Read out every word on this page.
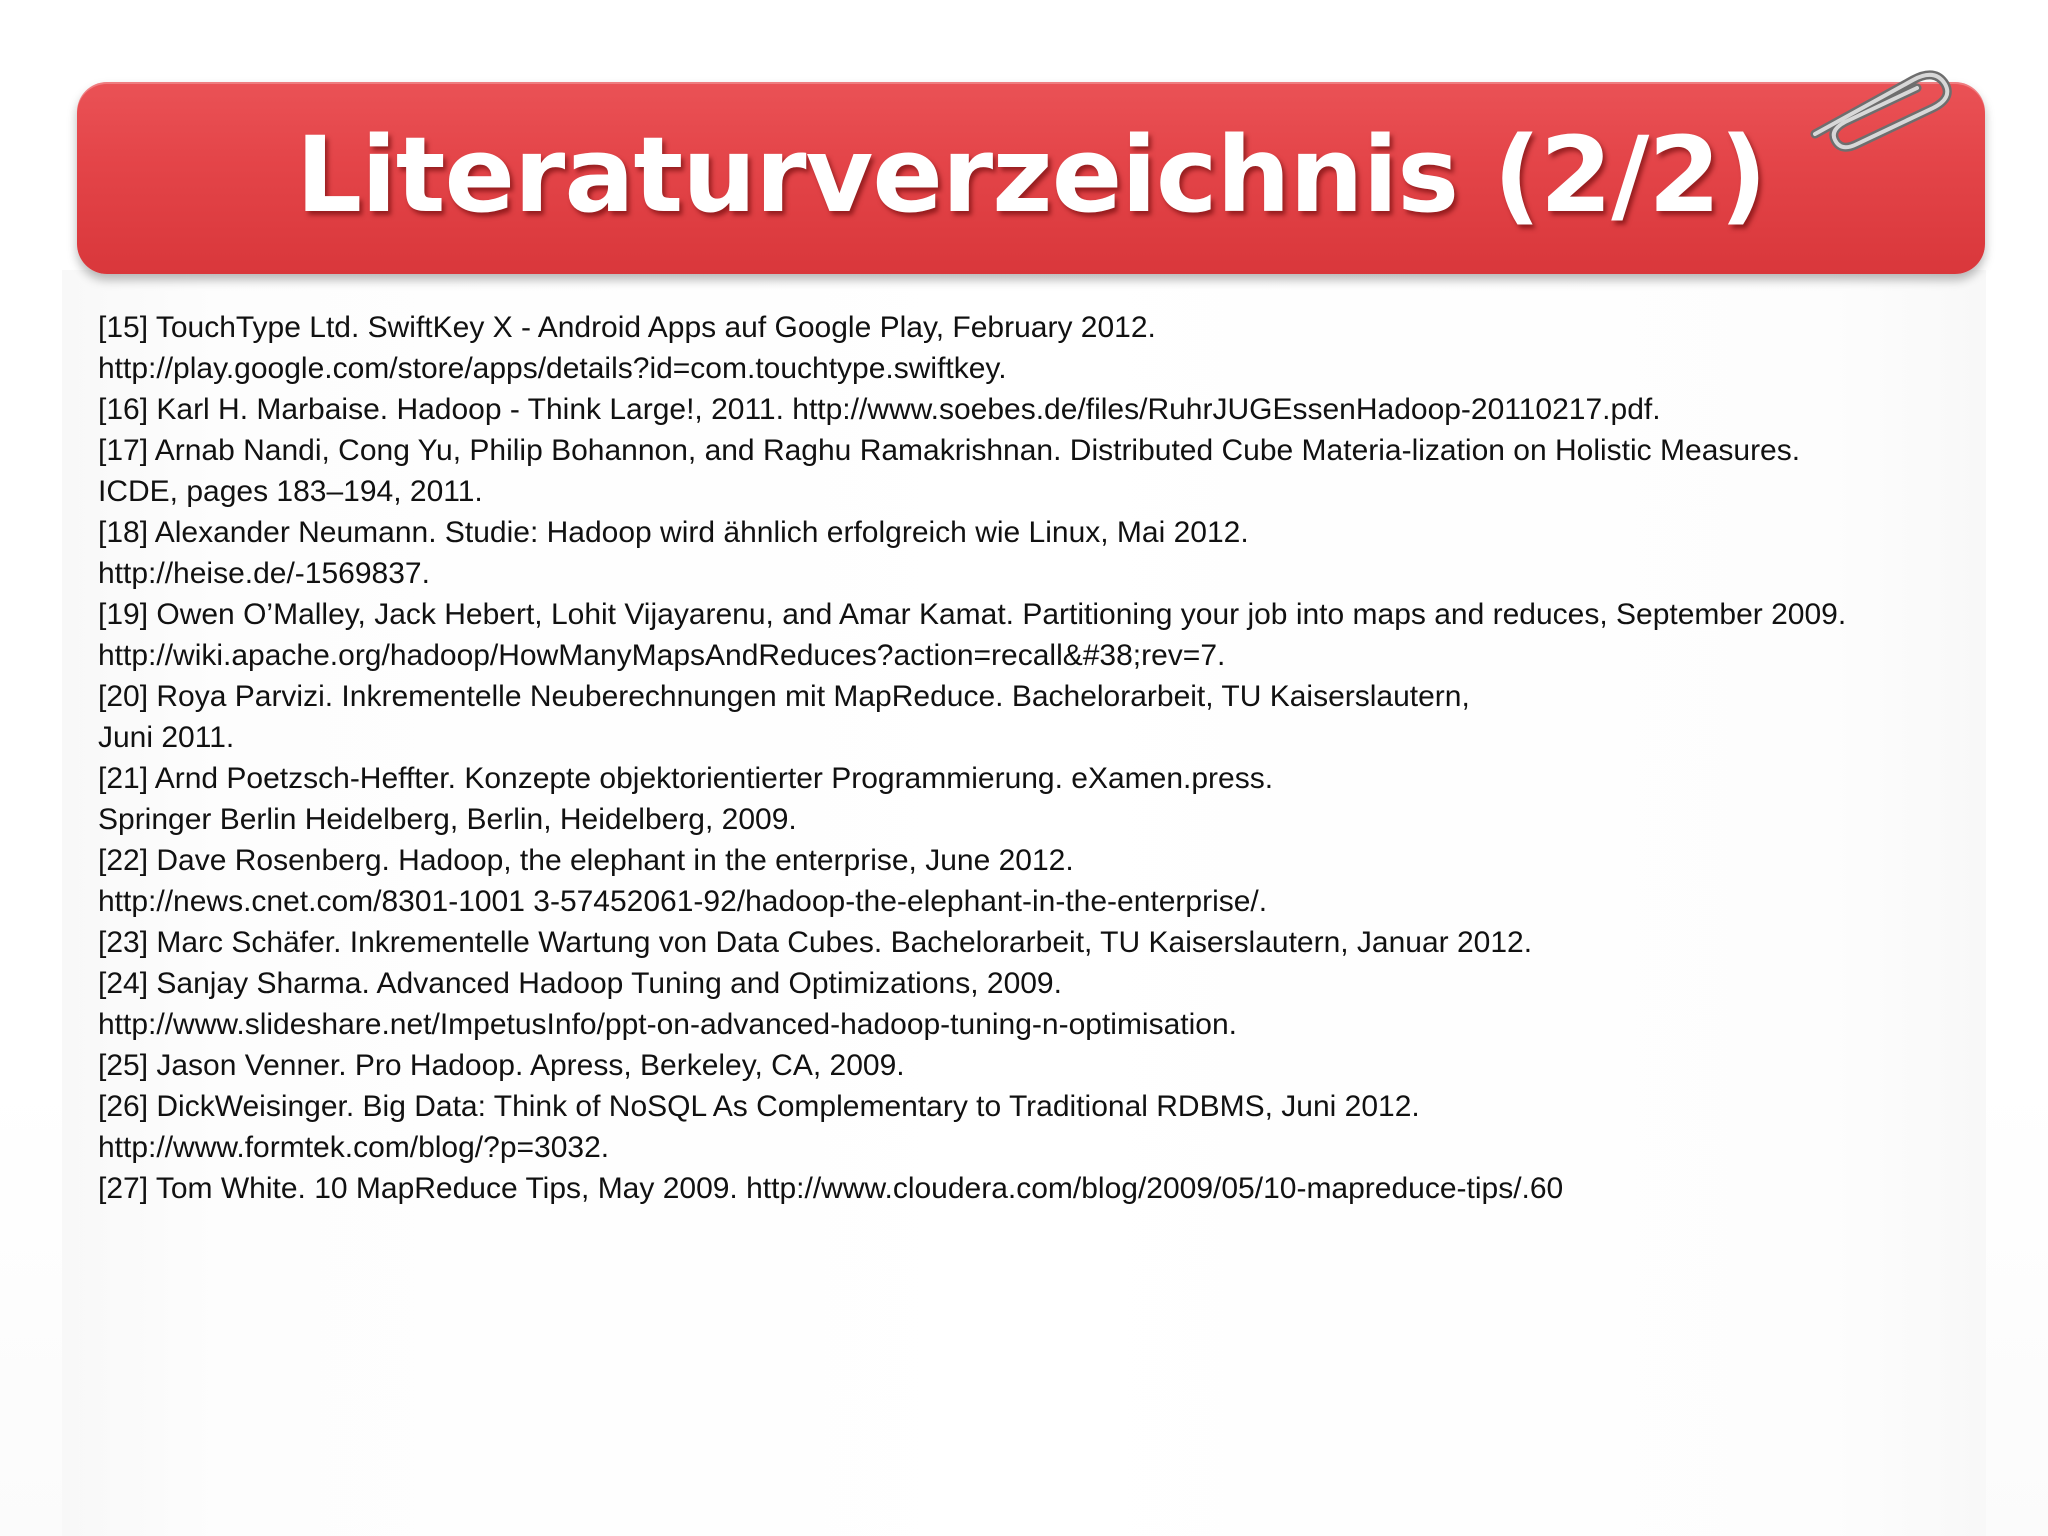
Literaturverzeichnis (2/2)
[15] TouchType Ltd. SwiftKey X - Android Apps auf Google Play, February 2012.
http://play.google.com/store/apps/details?id=com.touchtype.swiftkey.
[16] Karl H. Marbaise. Hadoop - Think Large!, 2011. http://www.soebes.de/files/RuhrJUGEssenHadoop-20110217.pdf.
[17] Arnab Nandi, Cong Yu, Philip Bohannon, and Raghu Ramakrishnan. Distributed Cube Materia-lization on Holistic Measures.
ICDE, pages 183–194, 2011.
[18] Alexander Neumann. Studie: Hadoop wird ähnlich erfolgreich wie Linux, Mai 2012.
http://heise.de/-1569837.
[19] Owen O’Malley, Jack Hebert, Lohit Vijayarenu, and Amar Kamat. Partitioning your job into maps and reduces, September 2009.
http://wiki.apache.org/hadoop/HowManyMapsAndReduces?action=recall&#38;rev=7.
[20] Roya Parvizi. Inkrementelle Neuberechnungen mit MapReduce. Bachelorarbeit, TU Kaiserslautern,
Juni 2011.
[21] Arnd Poetzsch-Heffter. Konzepte objektorientierter Programmierung. eXamen.press.
Springer Berlin Heidelberg, Berlin, Heidelberg, 2009.
[22] Dave Rosenberg. Hadoop, the elephant in the enterprise, June 2012.
http://news.cnet.com/8301-1001 3-57452061-92/hadoop-the-elephant-in-the-enterprise/.
[23] Marc Schäfer. Inkrementelle Wartung von Data Cubes. Bachelorarbeit, TU Kaiserslautern, Januar 2012.
[24] Sanjay Sharma. Advanced Hadoop Tuning and Optimizations, 2009.
http://www.slideshare.net/ImpetusInfo/ppt-on-advanced-hadoop-tuning-n-optimisation.
[25] Jason Venner. Pro Hadoop. Apress, Berkeley, CA, 2009.
[26] DickWeisinger. Big Data: Think of NoSQL As Complementary to Traditional RDBMS, Juni 2012.
http://www.formtek.com/blog/?p=3032.
[27] Tom White. 10 MapReduce Tips, May 2009. http://www.cloudera.com/blog/2009/05/10-mapreduce-tips/.60
